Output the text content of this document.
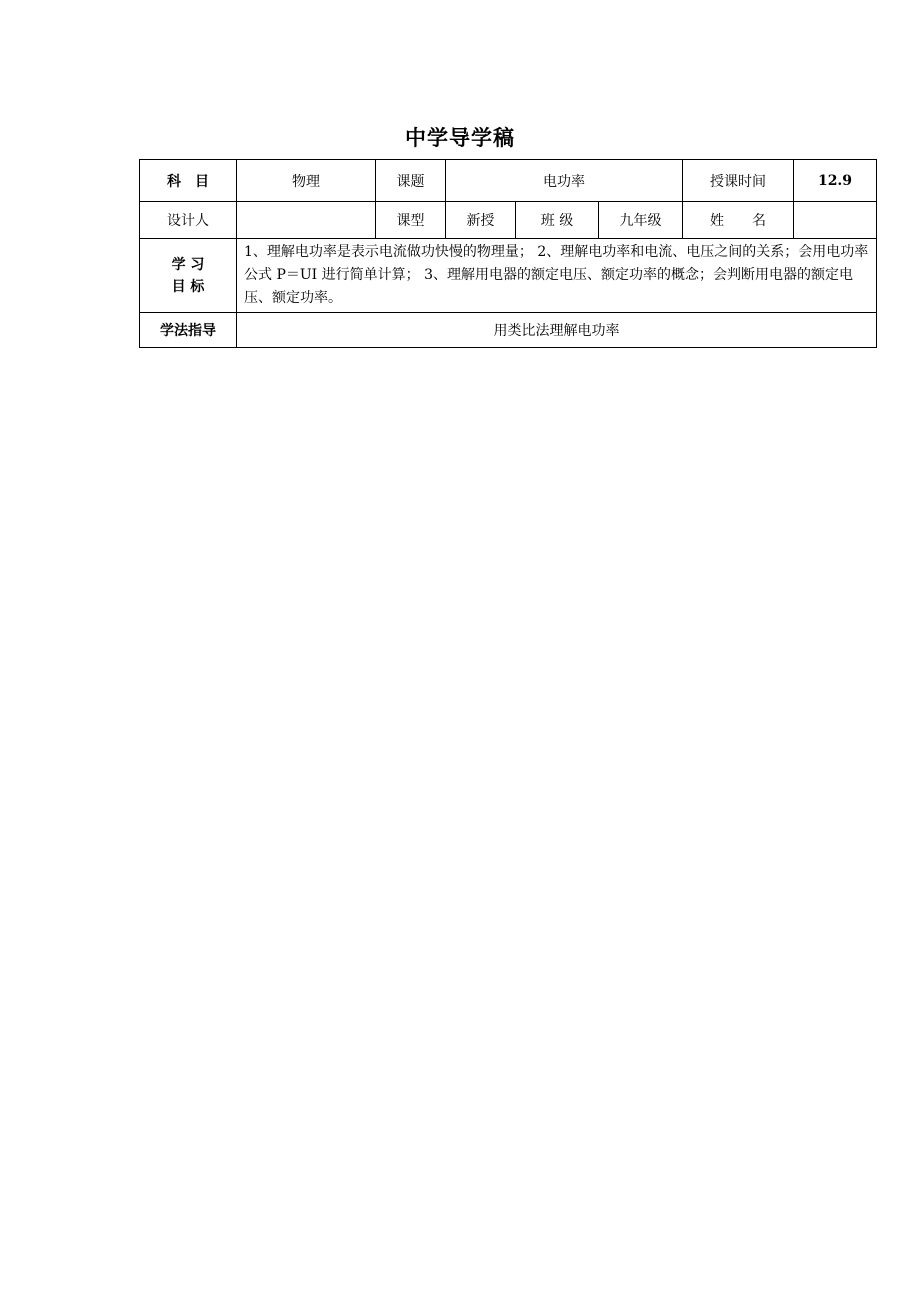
中学导学稿
科　目	物理	课题	电功率			授课时间	12.9
设计人		课型	新授	班 级	九年级	姓　　名	

学 习
目 标	1、理解电功率是表示电流做功快慢的物理量； 2、理解电功率和电流、电压之间的关系；会用电功率公式 P＝UI 进行简单计算； 3、理解用电器的额定电压、额定功率的概念；会判断用电器的额定电压、额定功率。						
学法指导	用类比法理解电功率						
